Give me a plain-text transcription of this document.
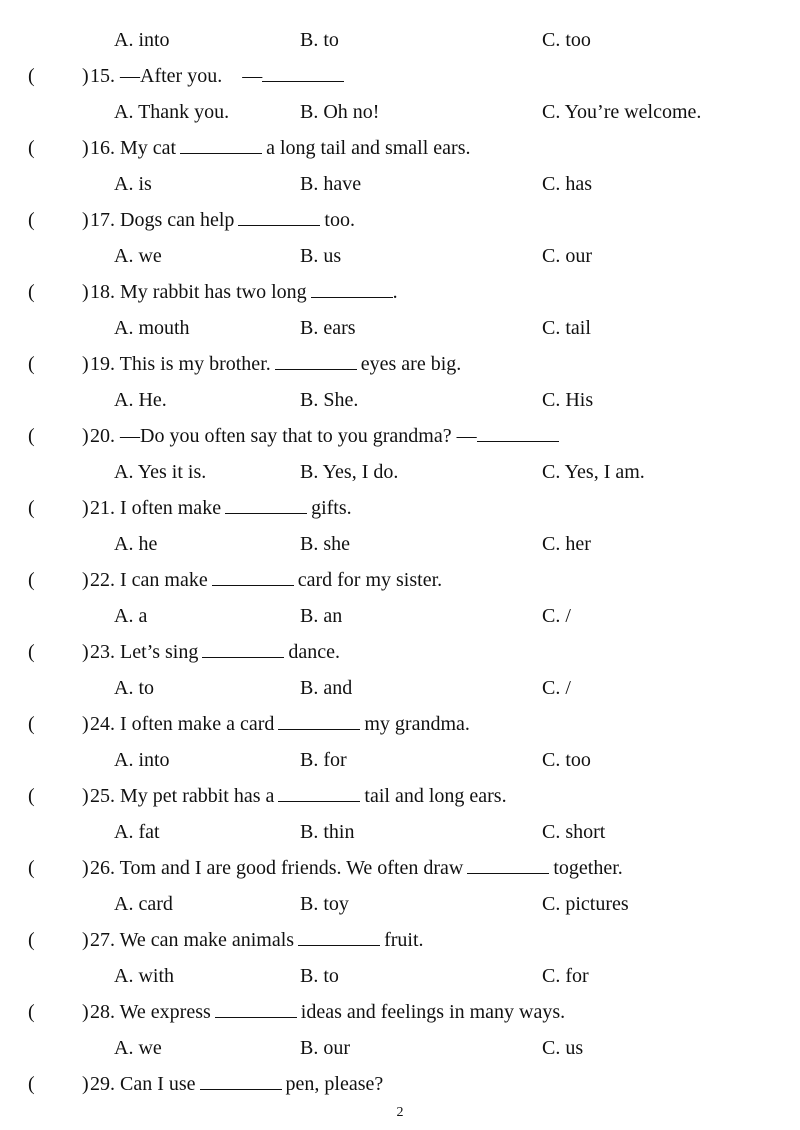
A. into	B. to	C. too
( ) 15. —After you. —
A. Thank you.	B. Oh no!	C. You’re welcome.
( ) 16. My cat	a long tail and small ears.
A. is	B. have	C. has
( ) 17. Dogs can help	too.
A. we	B. us	C. our
( ) 18. My rabbit has two long	.
A. mouth	B. ears	C. tail
( ) 19. This is my brother.	eyes are big.
A. He.	B. She.	C. His
( ) 20. —Do you often say that to you grandma? —
A. Yes it is.	B. Yes, I do.	C. Yes, I am.
( ) 21. I often make	gifts.
A. he	B. she	C. her
( ) 22. I can make	card for my sister.
A. a	B. an	C. /
( ) 23. Let’s sing	dance.
A. to	B. and	C. /
( ) 24. I often make a card	my grandma.
A. into	B. for	C. too
( ) 25. My pet rabbit has a	tail and long ears.
A. fat	B. thin	C. short
( ) 26. Tom and I are good friends. We often draw	together.
A. card	B. toy	C. pictures
( ) 27. We can make animals	fruit.
A. with	B. to	C. for
( ) 28. We express	ideas and feelings in many ways.
A. we	B. our	C. us
( ) 29. Can I use	pen, please?
2
